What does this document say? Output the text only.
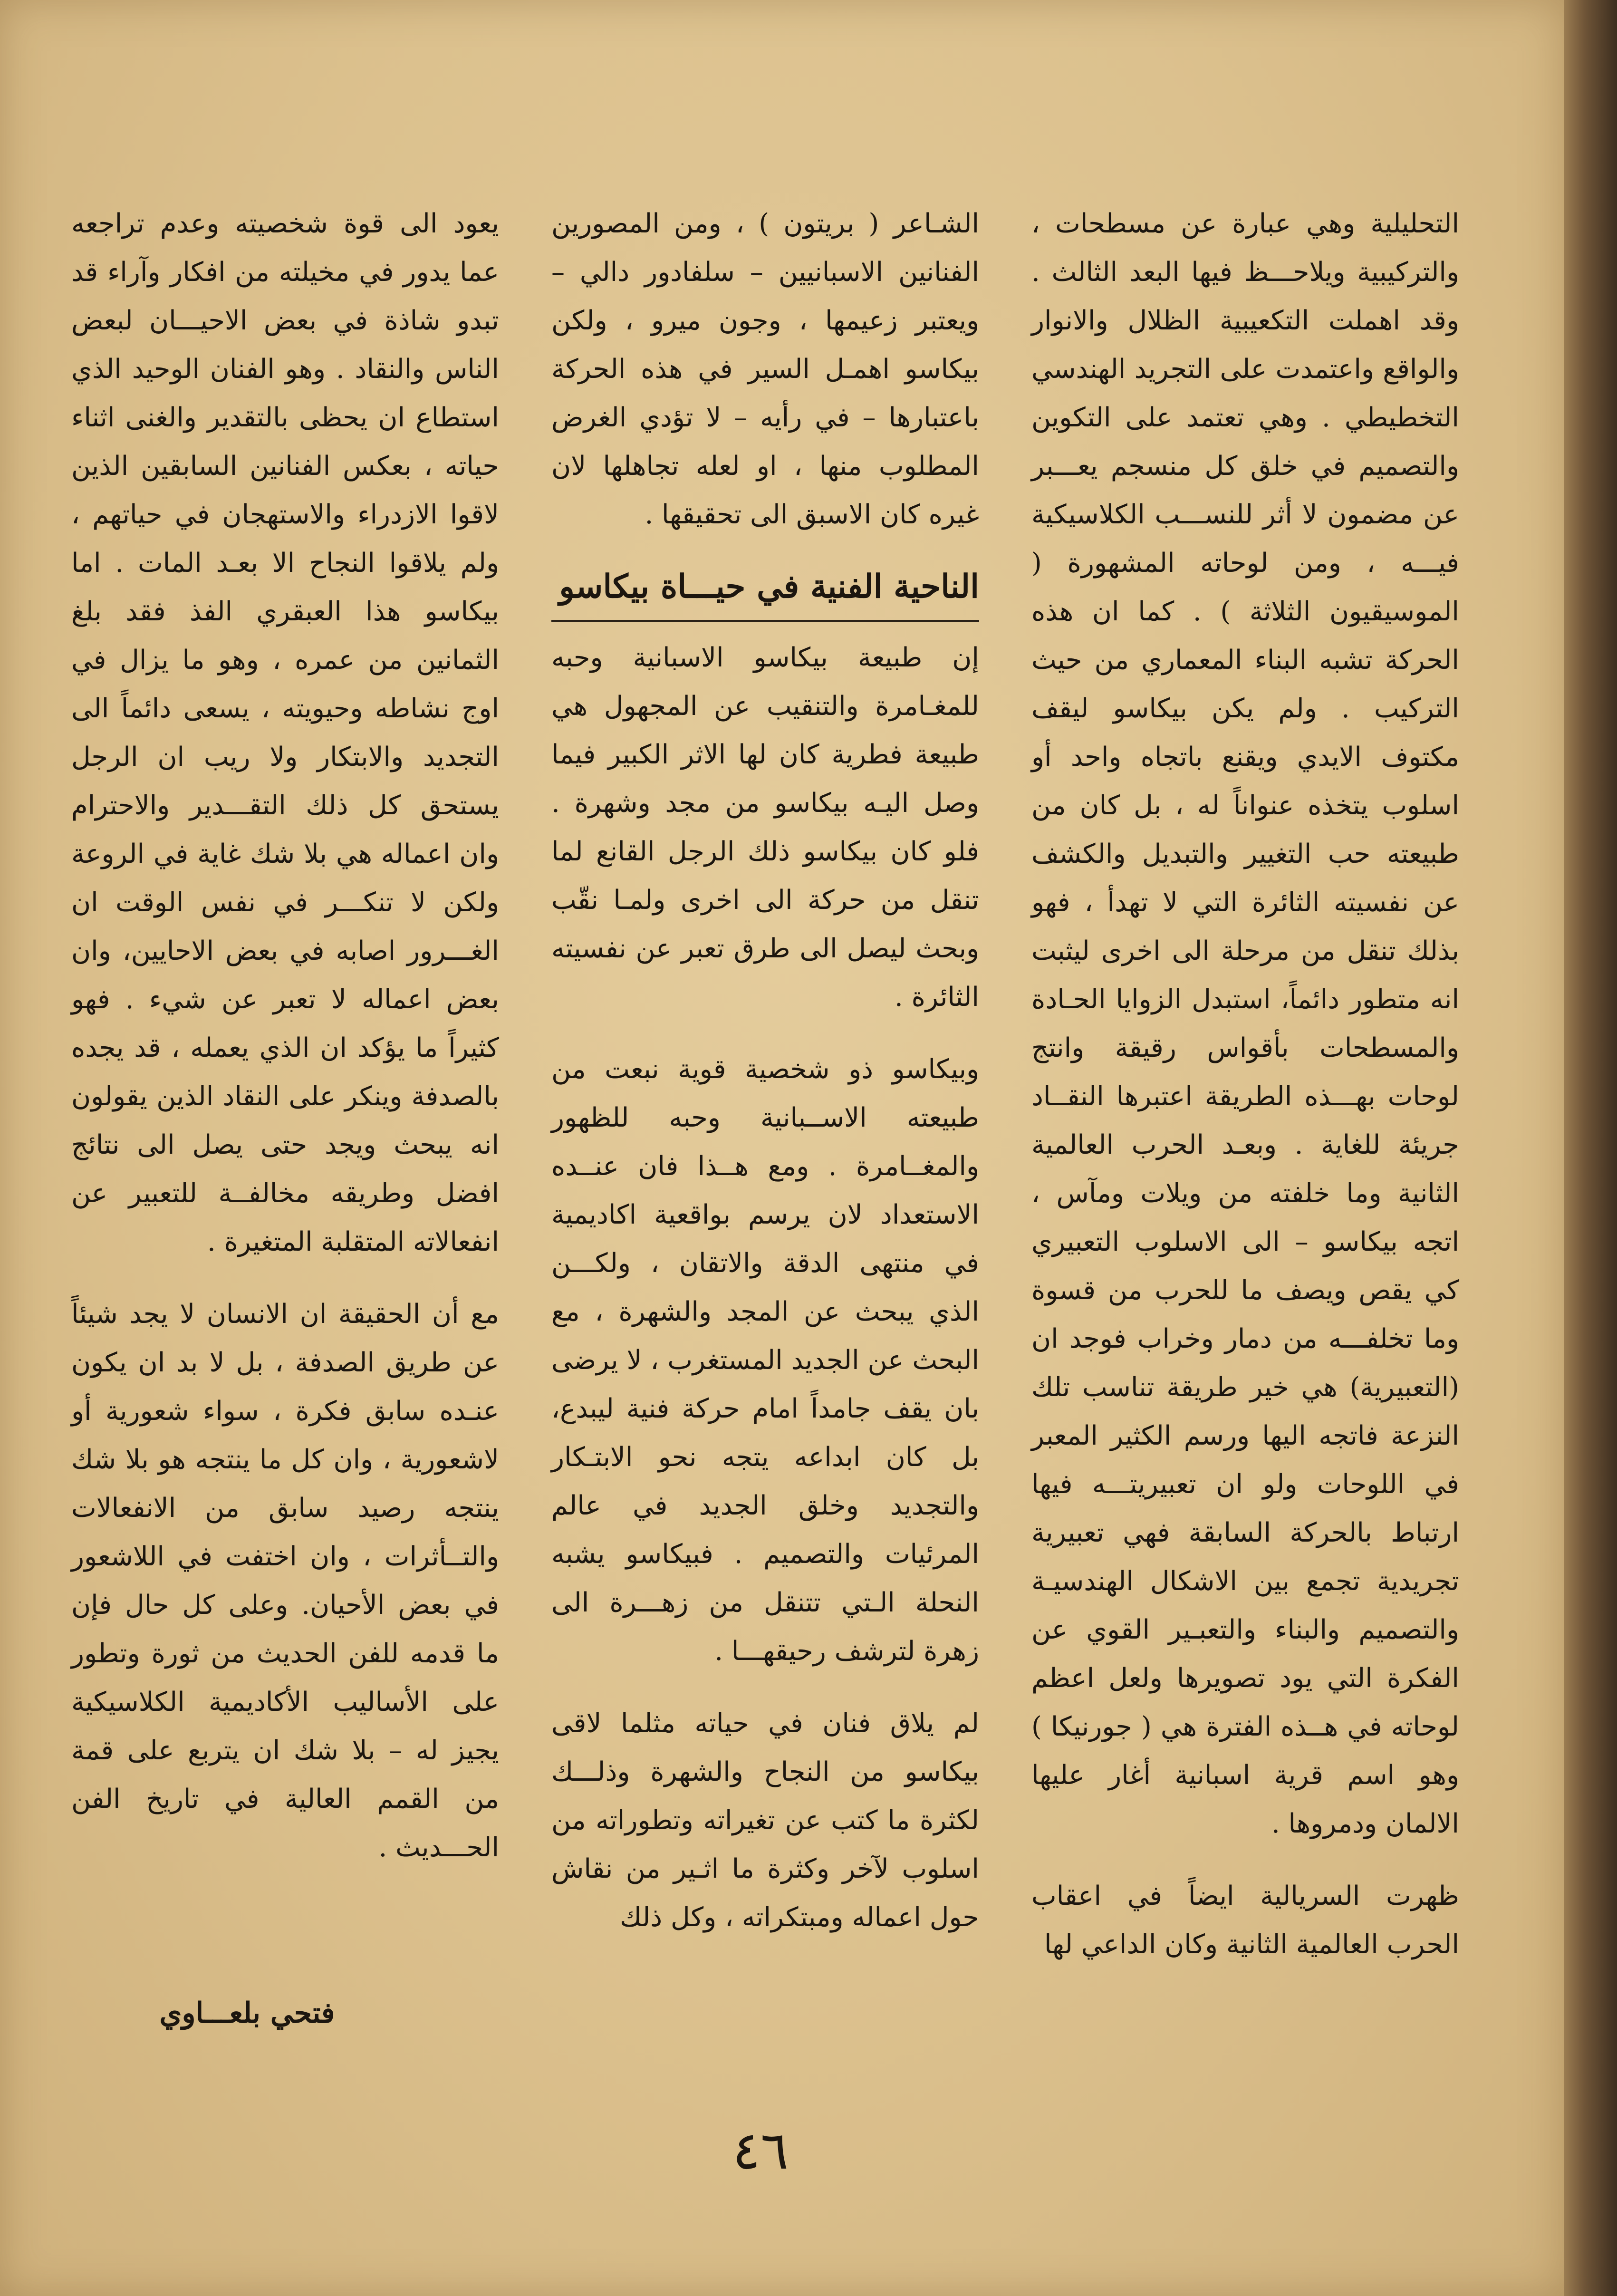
التحليلية وهي عبارة عن مسطحات ، والتركيبية ويلاحـــظ فيها البعد الثالث . وقد اهملت التكعيبية الظلال والانوار والواقع واعتمدت على التجريد الهندسي التخطيطي . وهي تعتمد على التكوين والتصميم في خلق كل منسجم يعـــبر عن مضمون لا أثر للنســـب الكلاسيكية فيـــه ، ومن لوحاته المشهورة ( الموسيقيون الثلاثة ) . كما ان هذه الحركة تشبه البناء المعماري من حيث التركيب . ولم يكن بيكاسو ليقف مكتوف الايدي ويقنع باتجاه واحد أو اسلوب يتخذه عنواناً له ، بل كان من طبيعته حب التغيير والتبديل والكشف عن نفسيته الثائرة التي لا تهدأ ، فهو بذلك تنقل من مرحلة الى اخرى ليثبت انه متطور دائماً، استبدل الزوايا الحـادة والمسطحات بأقواس رقيقة وانتج لوحات بهـــذه الطريقة اعتبرها النقــاد جريئة للغاية . وبعـد الحرب العالمية الثانية وما خلفته من ويلات ومآس ، اتجه بيكاسو – الى الاسلوب التعبيري كي يقص ويصف ما للحرب من قسوة وما تخلفـــه من دمار وخراب فوجد ان (التعبيرية) هي خير طريقة تناسب تلك النزعة فاتجه اليها ورسم الكثير المعبر في اللوحات ولو ان تعبيريتـــه فيها ارتباط بالحركة السابقة فهي تعبيرية تجريدية تجمع بين الاشكال الهندسيـة والتصميم والبناء والتعبـير القوي عن الفكرة التي يود تصويرها ولعل اعظم لوحاته في هــذه الفترة هي ( جورنيكا ) وهو اسم قرية اسبانية أغار عليها الالمان ودمروها .

ظهرت السريالية ايضاً في اعقاب الحرب العالمية الثانية وكان الداعي لها

الشـاعر ( بريتون ) ، ومن المصورين الفنانين الاسبانيين – سلفادور دالي – ويعتبر زعيمها ، وجون ميرو ، ولكن بيكاسو اهمـل السير في هذه الحركة باعتبارها – في رأيه – لا تؤدي الغرض المطلوب منها ، او لعله تجاهلها لان غيره كان الاسبق الى تحقيقها .

الناحية الفنية في حيـــاة بيكاسو

إن طبيعة بيكاسو الاسبانية وحبه للمغـامرة والتنقيب عن المجهول هي طبيعة فطرية كان لها الاثر الكبير فيما وصل اليـه بيكاسو من مجد وشهرة . فلو كان بيكاسو ذلك الرجل القانع لما تنقل من حركة الى اخرى ولمـا نقّب وبحث ليصل الى طرق تعبر عن نفسيته الثائرة .

وبيكاسو ذو شخصية قوية نبعت من طبيعته الاســبانية وحبه للظهور والمغــامرة . ومع هــذا فان عنــده الاستعداد لان يرسم بواقعية اكاديمية في منتهى الدقة والاتقان ، ولكـــن الذي يبحث عن المجد والشهرة ، مع البحث عن الجديد المستغرب ، لا يرضى بان يقف جامداً امام حركة فنية ليبدع، بل كان ابداعه يتجه نحو الابتـكار والتجديد وخلق الجديد في عالم المرئيات والتصميم . فبيكاسو يشبه النحلة الـتي تتنقل من زهـــرة الى زهرة لترشف رحيقهـــا .

لم يلاق فنان في حياته مثلما لاقى بيكاسو من النجاح والشهرة وذلـــك لكثرة ما كتب عن تغيراته وتطوراته من اسلوب لآخر وكثرة ما اثـير من نقاش حول اعماله ومبتكراته ، وكل ذلك

يعود الى قوة شخصيته وعدم تراجعه عما يدور في مخيلته من افكار وآراء قد تبدو شاذة في بعض الاحيـــان لبعض الناس والنقاد . وهو الفنان الوحيد الذي استطاع ان يحظى بالتقدير والغنى اثناء حياته ، بعكس الفنانين السابقين الذين لاقوا الازدراء والاستهجان في حياتهم ، ولم يلاقوا النجاح الا بعـد المات . اما بيكاسو هذا العبقري الفذ فقد بلغ الثمانين من عمره ، وهو ما يزال في اوج نشاطه وحيويته ، يسعى دائماً الى التجديد والابتكار ولا ريب ان الرجل يستحق كل ذلك التقـــدير والاحترام وان اعماله هي بلا شك غاية في الروعة ولكن لا تنكـــر في نفس الوقت ان الغـــرور اصابه في بعض الاحايين، وان بعض اعماله لا تعبر عن شيء . فهو كثيراً ما يؤكد ان الذي يعمله ، قد يجده بالصدفة وينكر على النقاد الذين يقولون انه يبحث ويجد حتى يصل الى نتائج افضل وطريقه مخالفــة للتعبير عن انفعالاته المتقلبة المتغيرة .

مع أن الحقيقة ان الانسان لا يجد شيئاً عن طريق الصدفة ، بل لا بد ان يكون عنـده سابق فكرة ، سواء شعورية أو لاشعورية ، وان كل ما ينتجه هو بلا شك ينتجه رصيد سابق من الانفعالات والتــأثرات ، وان اختفت في اللاشعور في بعض الأحيان. وعلى كل حال فإن ما قدمه للفن الحديث من ثورة وتطور على الأساليب الأكاديمية الكلاسيكية يجيز له – بلا شك ان يتربع على قمة من القمم العالية في تاريخ الفن الحـــديث .

فتحي بلعـــاوي
٤٦
